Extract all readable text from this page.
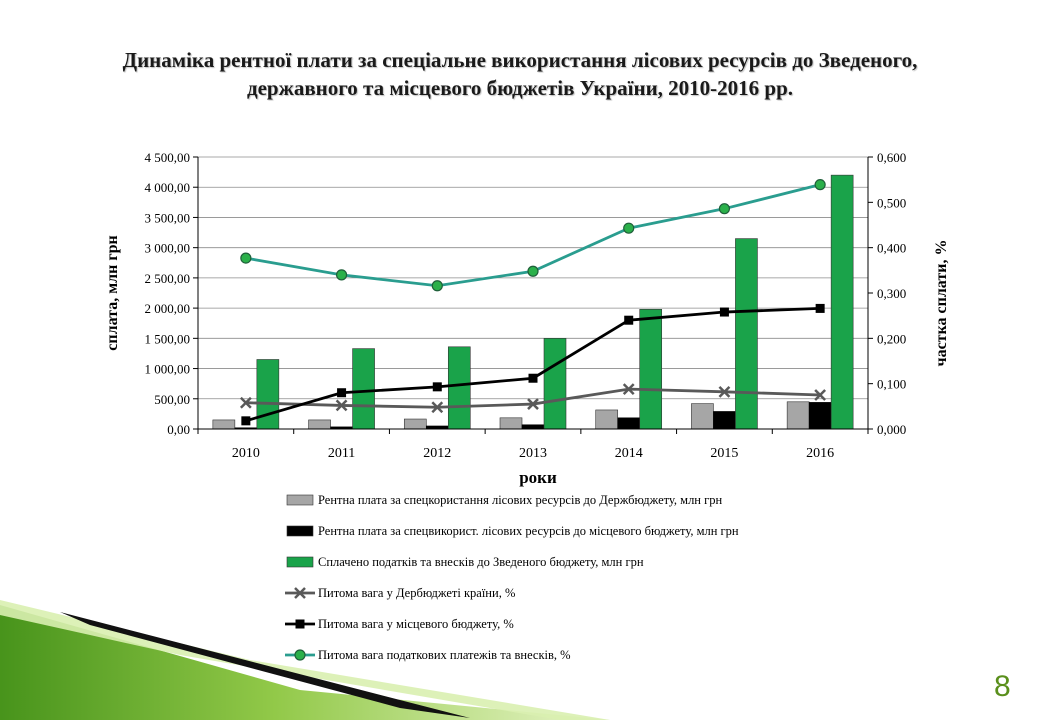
Динаміка рентної плати за спеціальне використання лісових ресурсів до Зведеного,
державного та місцевого бюджетів України, 2010-2016 рр.
0,00
500,00
1 000,00
1 500,00
2 000,00
2 500,00
3 000,00
3 500,00
4 000,00
4 500,00
0,000
0,100
0,200
0,300
0,400
0,500
0,600
2010	2011	2012	2013	2014	2015	2016
роки
сплата, млн грн	частка сплати, %
Рентна плата за спецкористання лісових ресурсів до Держбюджету, млн грн
Рентна плата за спецвикорист. лісових ресурсів до місцевого бюджету, млн грн
Сплачено податків та внесків до Зведеного бюджету, млн грн
Питома вага у Дербюджеті країни, %
Питома вага у місцевого бюджету, %
Питома вага податкових платежів та внесків, %
8
